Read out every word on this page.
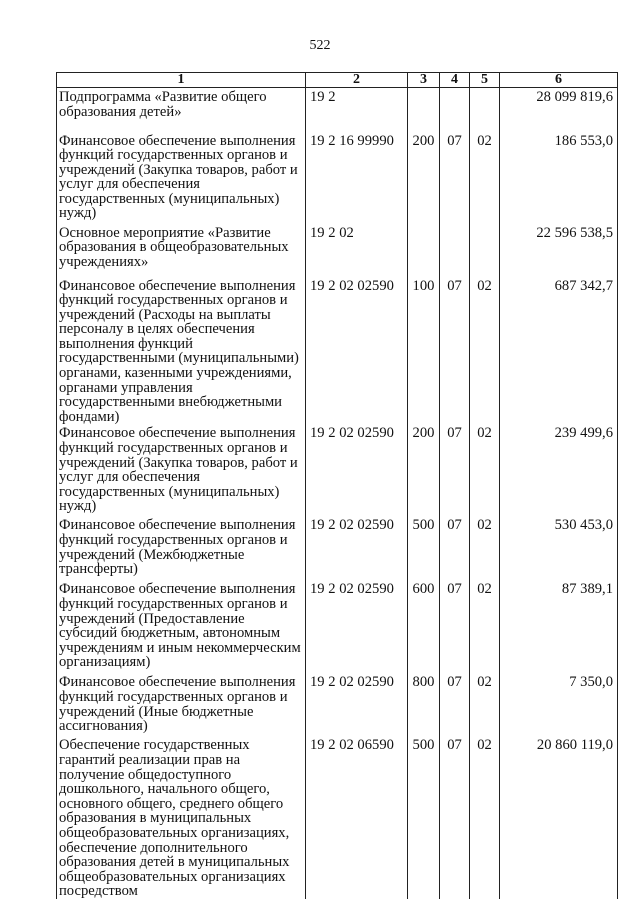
522
1	2	3	4	5	6
Подпрограмма «Развитие общего образования детей»	19 2				28 099 819,6
Финансовое обеспечение выполнения функций государственных органов и учреждений (Закупка товаров, работ и услуг для обеспечения государственных (муниципальных) нужд)	19 2 16 99990	200	07	02	186 553,0
Основное мероприятие «Развитие образования в общеобразовательных учреждениях»	19 2 02				22 596 538,5
Финансовое обеспечение выполнения функций государственных органов и учреждений (Расходы на выплаты персоналу в целях обеспечения выполнения функций государственными (муниципальными) органами, казенными учреждениями, органами управления государственными внебюджетными фондами)	19 2 02 02590	100	07	02	687 342,7
Финансовое обеспечение выполнения функций государственных органов и учреждений (Закупка товаров, работ и услуг для обеспечения государственных (муниципальных) нужд)	19 2 02 02590	200	07	02	239 499,6
Финансовое обеспечение выполнения функций государственных органов и учреждений (Межбюджетные трансферты)	19 2 02 02590	500	07	02	530 453,0
Финансовое обеспечение выполнения функций государственных органов и учреждений (Предоставление субсидий бюджетным, автономным учреждениям и иным некоммерческим организациям)	19 2 02 02590	600	07	02	87 389,1
Финансовое обеспечение выполнения функций государственных органов и учреждений (Иные бюджетные ассигнования)	19 2 02 02590	800	07	02	7 350,0
Обеспечение государственных гарантий реализации прав на получение общедоступного дошкольного, начального общего, основного общего, среднего общего образования в муниципальных общеобразовательных организациях, обеспечение дополнительного образования детей в муниципальных общеобразовательных организациях посредством	19 2 02 06590	500	07	02	20 860 119,0
